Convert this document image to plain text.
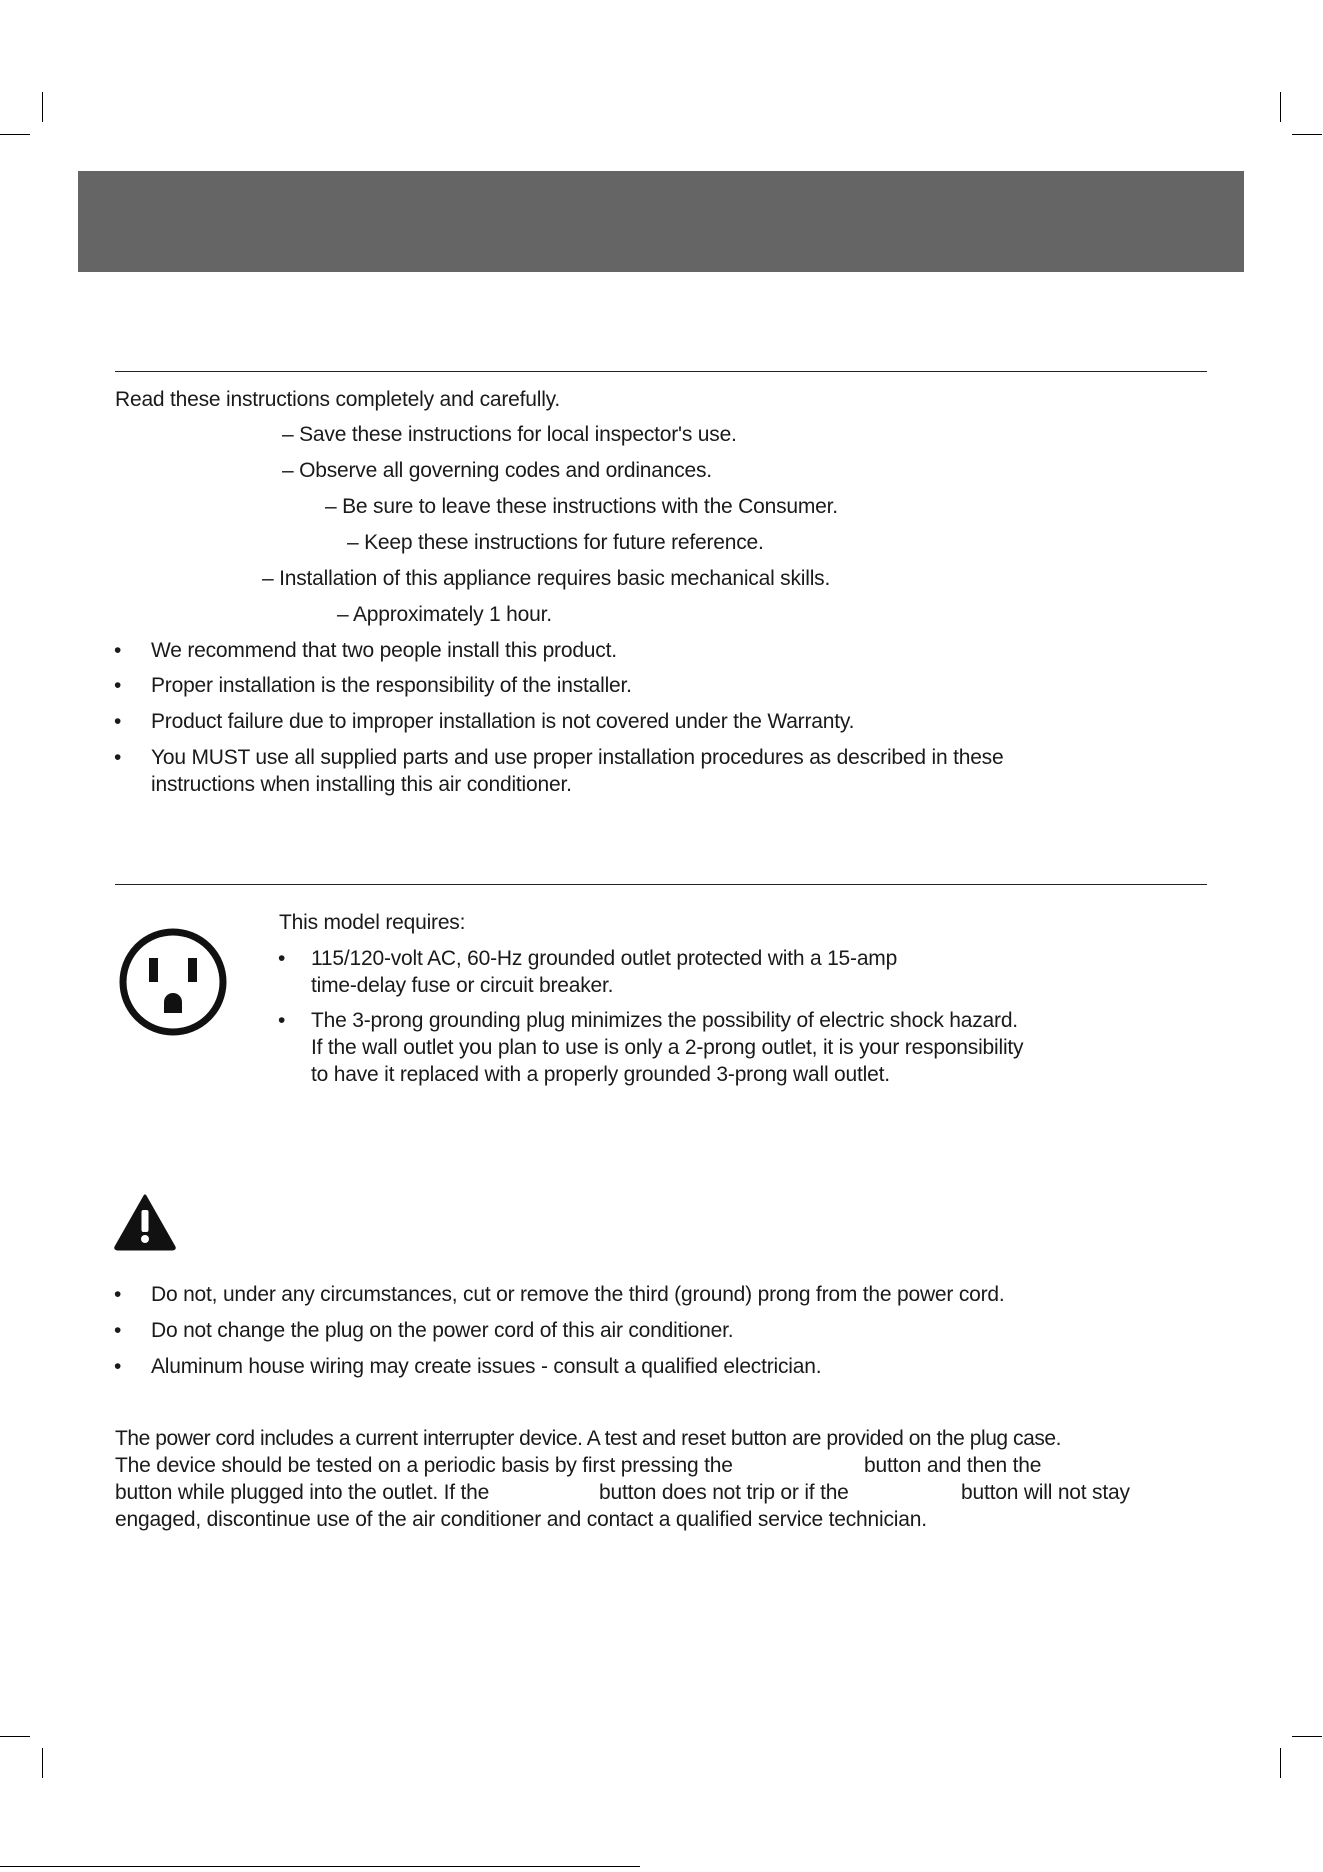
Read these instructions completely and carefully.
– Save these instructions for local inspector's use.
– Observe all governing codes and ordinances.
– Be sure to leave these instructions with the Consumer.
– Keep these instructions for future reference.
– Installation of this appliance requires basic mechanical skills.
– Approximately 1 hour.
• We recommend that two people install this product.
• Proper installation is the responsibility of the installer.
• Product failure due to improper installation is not covered under the Warranty.
• You MUST use all supplied parts and use proper installation procedures as described in these
instructions when installing this air conditioner.
This model requires:
• 115/120-volt AC, 60-Hz grounded outlet protected with a 15-amp
time-delay fuse or circuit breaker.
• The 3-prong grounding plug minimizes the possibility of electric shock hazard.
If the wall outlet you plan to use is only a 2-prong outlet, it is your responsibility
to have it replaced with a properly grounded 3-prong wall outlet.
• Do not, under any circumstances, cut or remove the third (ground) prong from the power cord.
• Do not change the plug on the power cord of this air conditioner.
• Aluminum house wiring may create issues - consult a qualified electrician.
The power cord includes a current interrupter device. A test and reset button are provided on the plug case.
The device should be tested on a periodic basis by first pressing the	button and then the
button while plugged into the outlet. If the	button does not trip or if the	button will not stay
engaged, discontinue use of the air conditioner and contact a qualified service technician.
